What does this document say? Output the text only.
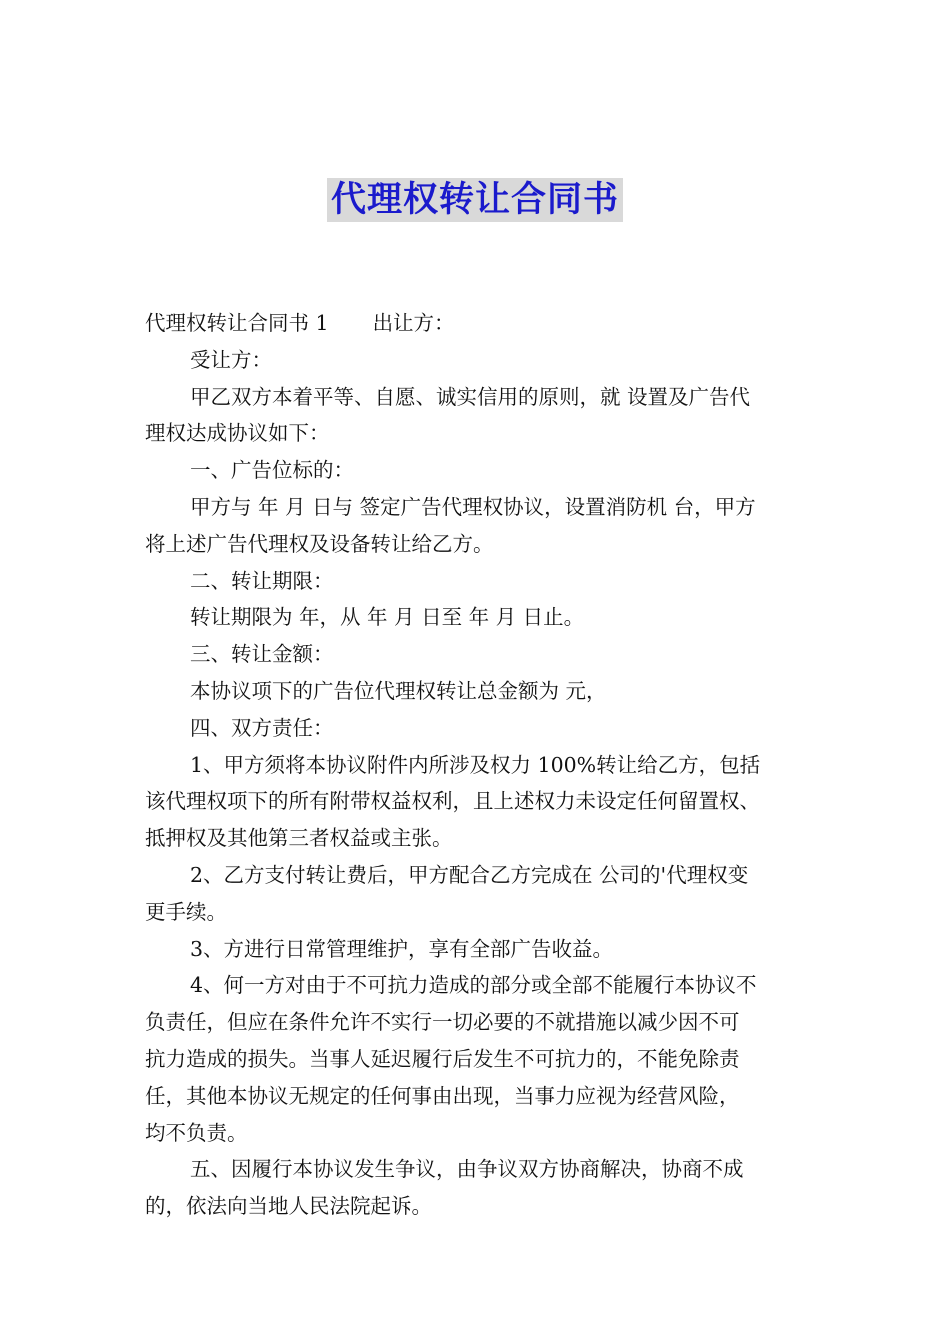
代理权转让合同书

代理权转让合同书 1 出让方：

受让方：

甲乙双方本着平等、自愿、诚实信用的原则，就 设置及广告代

理权达成协议如下：

一、广告位标的：

甲方与 年 月 日与 签定广告代理权协议，设置消防机 台，甲方

将上述广告代理权及设备转让给乙方。

二、转让期限：

转让期限为 年，从 年 月 日至 年 月 日止。

三、转让金额：

本协议项下的广告位代理权转让总金额为 元，

四、双方责任：

1、甲方须将本协议附件内所涉及权力 100%转让给乙方，包括

该代理权项下的所有附带权益权利，且上述权力未设定任何留置权、

抵押权及其他第三者权益或主张。

2、乙方支付转让费后，甲方配合乙方完成在 公司的'代理权变

更手续。

3、方进行日常管理维护，享有全部广告收益。

4、何一方对由于不可抗力造成的部分或全部不能履行本协议不

负责任，但应在条件允许不实行一切必要的不就措施以减少因不可

抗力造成的损失。当事人延迟履行后发生不可抗力的，不能免除责

任，其他本协议无规定的任何事由出现，当事力应视为经营风险，

均不负责。

五、因履行本协议发生争议，由争议双方协商解决，协商不成

的，依法向当地人民法院起诉。
